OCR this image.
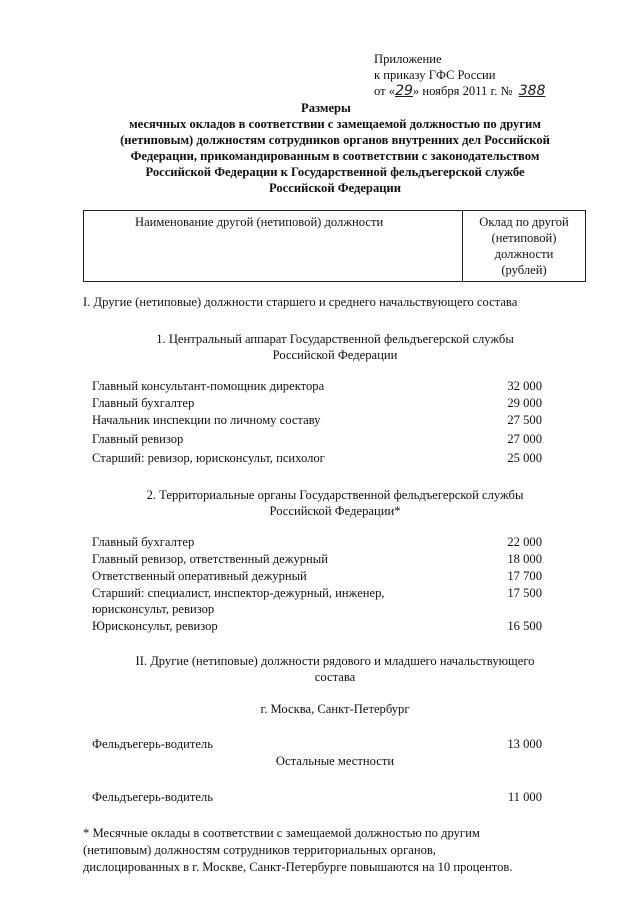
Приложение
к приказу ГФС России
от «29» ноября 2011 г. № 388
Размеры
месячных окладов в соответствии с замещаемой должностью по другим
(нетиповым) должностям сотрудников органов внутренних дел Российской
Федерации, прикомандированным в соответствии с законодательством
Российской Федерации к Государственной фельдъегерской службе
Российской Федерации
Наименование другой (нетиповой) должности	Оклад по другой
(нетиповой)
должности
(рублей)
I. Другие (нетиповые) должности старшего и среднего начальствующего состава
1. Центральный аппарат Государственной фельдъегерской службы
Российской Федерации
Главный консультант-помощник директора	32 000
Главный бухгалтер	29 000
Начальник инспекции по личному составу	27 500
Главный ревизор	27 000
Старший: ревизор, юрисконсульт, психолог	25 000
2. Территориальные органы Государственной фельдъегерской службы
Российской Федерации*
Главный бухгалтер	22 000
Главный ревизор, ответственный дежурный	18 000
Ответственный оперативный дежурный	17 700
Старший: специалист, инспектор-дежурный, инженер,	17 500
юрисконсульт, ревизор
Юрисконсульт, ревизор	16 500
II. Другие (нетиповые) должности рядового и младшего начальствующего
состава
г. Москва, Санкт-Петербург
Фельдъегерь-водитель	13 000
Остальные местности
Фельдъегерь-водитель	11 000
* Месячные оклады в соответствии с замещаемой должностью по другим
(нетиповым) должностям сотрудников территориальных органов,
дислоцированных в г. Москве, Санкт-Петербурге повышаются на 10 процентов.
